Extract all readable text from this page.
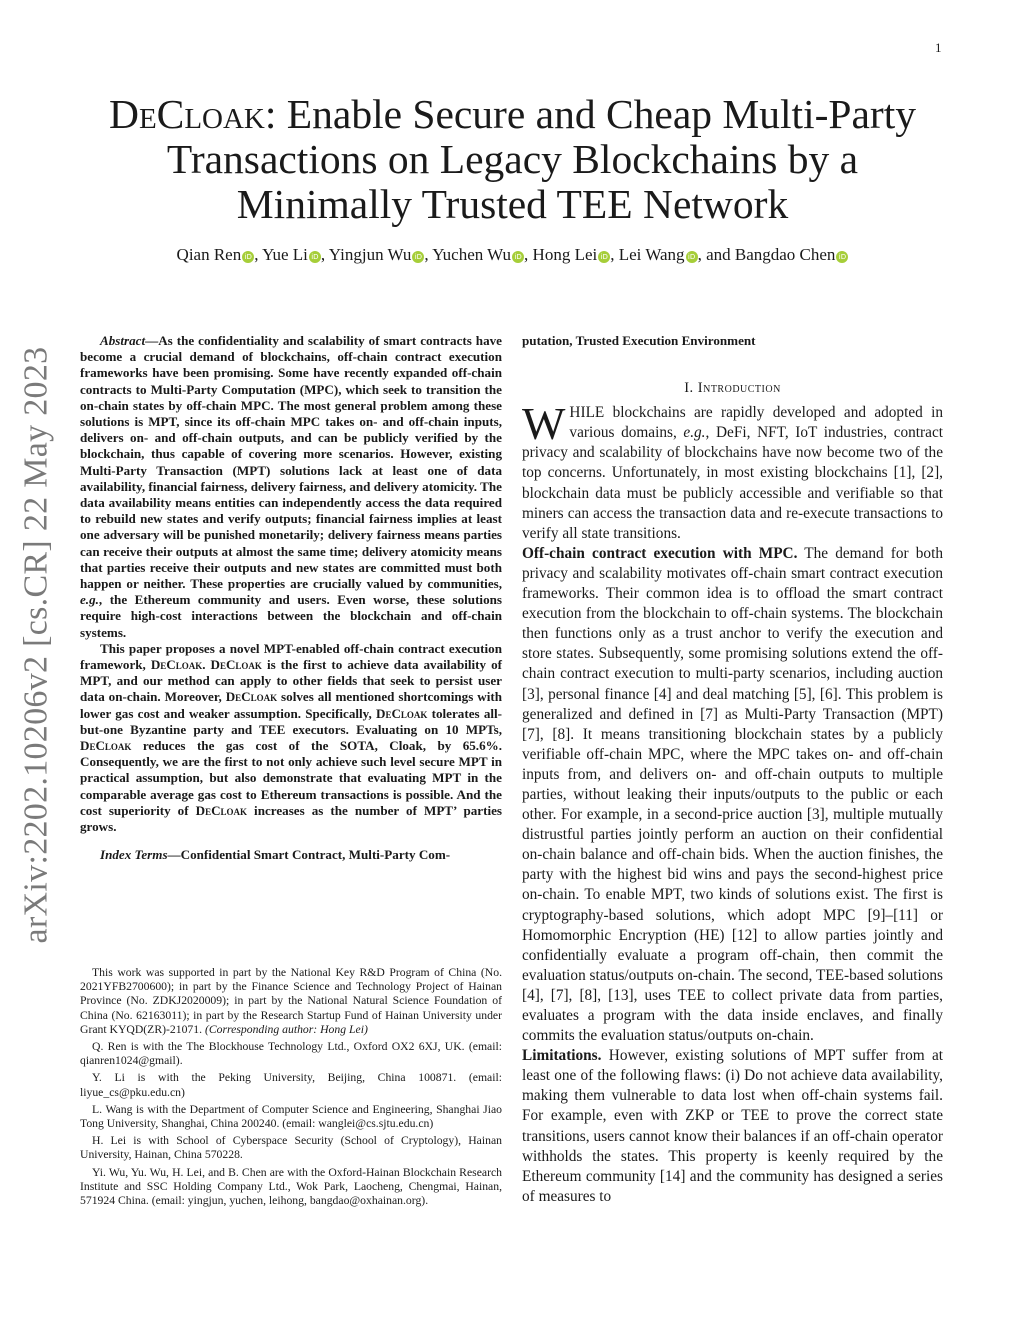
1
arXiv:2202.10206v2 [cs.CR] 22 May 2023
DeCloak: Enable Secure and Cheap Multi-Party Transactions on Legacy Blockchains by a Minimally Trusted TEE Network
Qian Ren iD , Yue Li iD , Yingjun Wu iD , Yuchen Wu iD , Hong Lei iD , Lei Wang iD , and Bangdao Chen iD

Abstract—As the confidentiality and scalability of smart contracts have become a crucial demand of blockchains, off-chain contract execution frameworks have been promising. Some have recently expanded off-chain contracts to Multi-Party Computation (MPC), which seek to transition the on-chain states by off-chain MPC. The most general problem among these solutions is MPT, since its off-chain MPC takes on- and off-chain inputs, delivers on- and off-chain outputs, and can be publicly verified by the blockchain, thus capable of covering more scenarios. However, existing Multi-Party Transaction (MPT) solutions lack at least one of data availability, financial fairness, delivery fairness, and delivery atomicity. The data availability means entities can independently access the data required to rebuild new states and verify outputs; financial fairness implies at least one adversary will be punished monetarily; delivery fairness means parties can receive their outputs at almost the same time; delivery atomicity means that parties receive their outputs and new states are committed must both happen or neither. These properties are crucially valued by communities, e.g., the Ethereum community and users. Even worse, these solutions require high-cost interactions between the blockchain and off-chain systems.

This paper proposes a novel MPT-enabled off-chain contract execution framework, DeCloak. DeCloak is the first to achieve data availability of MPT, and our method can apply to other fields that seek to persist user data on-chain. Moreover, DeCloak solves all mentioned shortcomings with lower gas cost and weaker assumption. Specifically, DeCloak tolerates all-but-one Byzantine party and TEE executors. Evaluating on 10 MPTs, DeCloak reduces the gas cost of the SOTA, Cloak, by 65.6%. Consequently, we are the first to not only achieve such level secure MPT in practical assumption, but also demonstrate that evaluating MPT in the comparable average gas cost to Ethereum transactions is possible. And the cost superiority of DeCloak increases as the number of MPT’ parties grows.

Index Terms—Confidential Smart Contract, Multi-Party Com-

This work was supported in part by the National Key R&D Program of China (No. 2021YFB2700600); in part by the Finance Science and Technology Project of Hainan Province (No. ZDKJ2020009); in part by the National Natural Science Foundation of China (No. 62163011); in part by the Research Startup Fund of Hainan University under Grant KYQD(ZR)-21071. (Corresponding author: Hong Lei)

Q. Ren is with the The Blockhouse Technology Ltd., Oxford OX2 6XJ, UK. (email: qianren1024@gmail).

Y. Li is with the Peking University, Beijing, China 100871. (email: liyue_cs@pku.edu.cn)

L. Wang is with the Department of Computer Science and Engineering, Shanghai Jiao Tong University, Shanghai, China 200240. (email: wanglei@cs.sjtu.edu.cn)

H. Lei is with School of Cyberspace Security (School of Cryptology), Hainan University, Hainan, China 570228.

Yi. Wu, Yu. Wu, H. Lei, and B. Chen are with the Oxford-Hainan Blockchain Research Institute and SSC Holding Company Ltd., Wok Park, Laocheng, Chengmai, Hainan, 571924 China. (email: yingjun, yuchen, leihong, bangdao@oxhainan.org).

putation, Trusted Execution Environment

I. Introduction

WHILE blockchains are rapidly developed and adopted in various domains, e.g., DeFi, NFT, IoT industries, contract privacy and scalability of blockchains have now become two of the top concerns. Unfortunately, in most existing blockchains [1], [2], blockchain data must be publicly accessible and verifiable so that miners can access the transaction data and re-execute transactions to verify all state transitions.

Off-chain contract execution with MPC. The demand for both privacy and scalability motivates off-chain smart contract execution frameworks. Their common idea is to offload the smart contract execution from the blockchain to off-chain systems. The blockchain then functions only as a trust anchor to verify the execution and store states. Subsequently, some promising solutions extend the off-chain contract execution to multi-party scenarios, including auction [3], personal finance [4] and deal matching [5], [6]. This problem is generalized and defined in [7] as Multi-Party Transaction (MPT) [7], [8]. It means transitioning blockchain states by a publicly verifiable off-chain MPC, where the MPC takes on- and off-chain inputs from, and delivers on- and off-chain outputs to multiple parties, without leaking their inputs/outputs to the public or each other. For example, in a second-price auction [3], multiple mutually distrustful parties jointly perform an auction on their confidential on-chain balance and off-chain bids. When the auction finishes, the party with the highest bid wins and pays the second-highest price on-chain. To enable MPT, two kinds of solutions exist. The first is cryptography-based solutions, which adopt MPC [9]–[11] or Homomorphic Encryption (HE) [12] to allow parties jointly and confidentially evaluate a program off-chain, then commit the evaluation status/outputs on-chain. The second, TEE-based solutions [4], [7], [8], [13], uses TEE to collect private data from parties, evaluates a program with the data inside enclaves, and finally commits the evaluation status/outputs on-chain.

Limitations. However, existing solutions of MPT suffer from at least one of the following flaws: (i) Do not achieve data availability, making them vulnerable to data lost when off-chain systems fail. For example, even with ZKP or TEE to prove the correct state transitions, users cannot know their balances if an off-chain operator withholds the states. This property is keenly required by the Ethereum community [14] and the community has designed a series of measures to
